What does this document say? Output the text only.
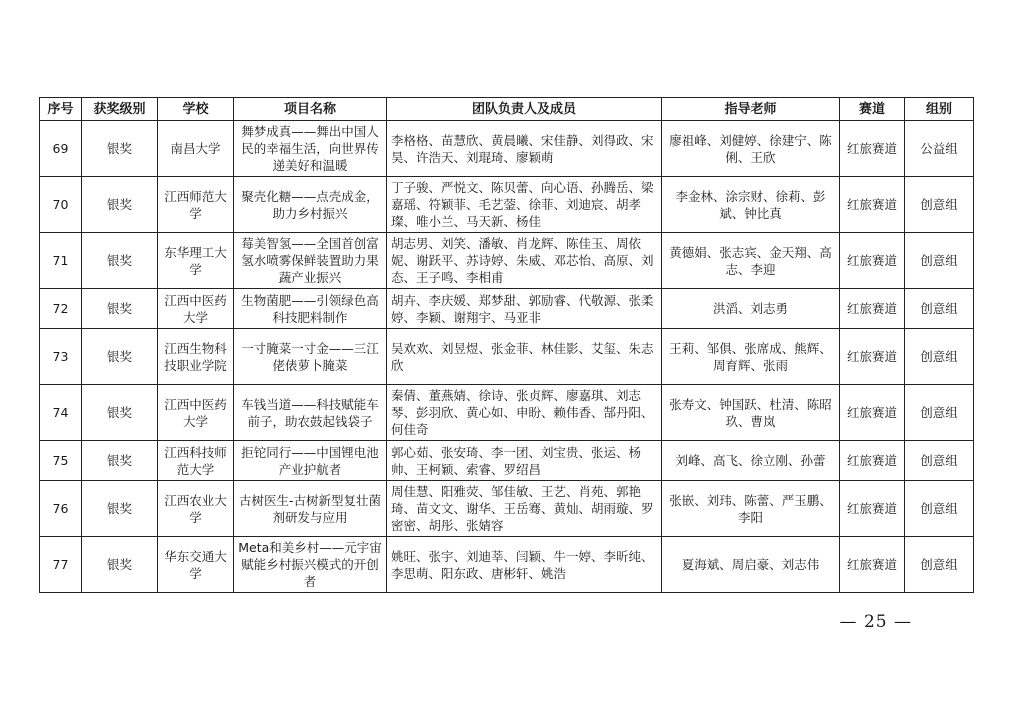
序号	获奖级别	学校	项目名称	团队负责人及成员	指导老师	赛道	组别
69	银奖	南昌大学	舞梦成真——舞出中国人民的幸福生活，向世界传递美好和温暖	李格格、苗慧欣、黄晨曦、宋佳静、刘得政、宋昊、许浩天、刘琨琦、廖颖萌	廖祖峰、刘健婷、徐建宁、陈俐、王欣	红旅赛道	公益组
70	银奖	江西师范大学	聚壳化糖——点壳成金，助力乡村振兴	丁子骏、严悦文、陈贝蕾、向心语、孙腾岳、梁嘉瑶、符颖菲、毛艺蓥、徐菲、刘迪宸、胡孝璨、唯小兰、马天新、杨佳	李金林、涂宗财、徐莉、彭斌、钟比真	红旅赛道	创意组
71	银奖	东华理工大学	莓美智氢——全国首创富氢水喷雾保鲜装置助力果蔬产业振兴	胡志男、刘笑、潘敏、肖龙辉、陈佳玉、周依妮、谢跃平、苏诗婷、朱威、邓芯怡、高原、刘态、王子鸣、李相甫	黄德娟、张志宾、金天翔、高志、李迎	红旅赛道	创意组
72	银奖	江西中医药大学	生物菌肥——引领绿色高科技肥料制作	胡卉、李庆媛、郑梦甜、郭励睿、代敬源、张柔婷、李颖、谢翔宇、马亚非	洪滔、刘志勇	红旅赛道	创意组
73	银奖	江西生物科技职业学院	一寸腌菜一寸金——三江佬俵萝卜腌菜	吴欢欢、刘昱煜、张金菲、林佳影、艾玺、朱志欣	王莉、邹俱、张席成、熊辉、周育辉、张雨	红旅赛道	创意组
74	银奖	江西中医药大学	车钱当道——科技赋能车前子，助农鼓起钱袋子	秦倩、董燕婧、徐诗、张贞辉、廖嘉琪、刘志琴、彭羽欣、黄心如、申盼、赖伟香、郜丹阳、何佳奇	张寿文、钟国跃、杜清、陈昭玖、曹岚	红旅赛道	创意组
75	银奖	江西科技师范大学	拒铊同行——中国锂电池产业护航者	郭心茹、张安琦、李一团、刘宝贵、张运、杨帅、王柯颖、索睿、罗绍昌	刘峰、高飞、徐立刚、孙蕾	红旅赛道	创意组
76	银奖	江西农业大学	古树医生-古树新型复壮菌剂研发与应用	周佳慧、阳雅荧、邹佳敏、王艺、肖苑、郭艳琦、苗文文、谢华、王岳骞、黄灿、胡雨璇、罗密密、胡彤、张婧容	张嵌、刘玮、陈蕾、严玉鹏、李阳	红旅赛道	创意组
77	银奖	华东交通大学	Meta和美乡村——元宇宙赋能乡村振兴模式的开创者	姚旺、张宇、刘迪莘、闫颖、牛一婷、李昕纯、李思萌、阳东政、唐彬轩、姚浩	夏海斌、周启豪、刘志伟	红旅赛道	创意组
— 25 —
